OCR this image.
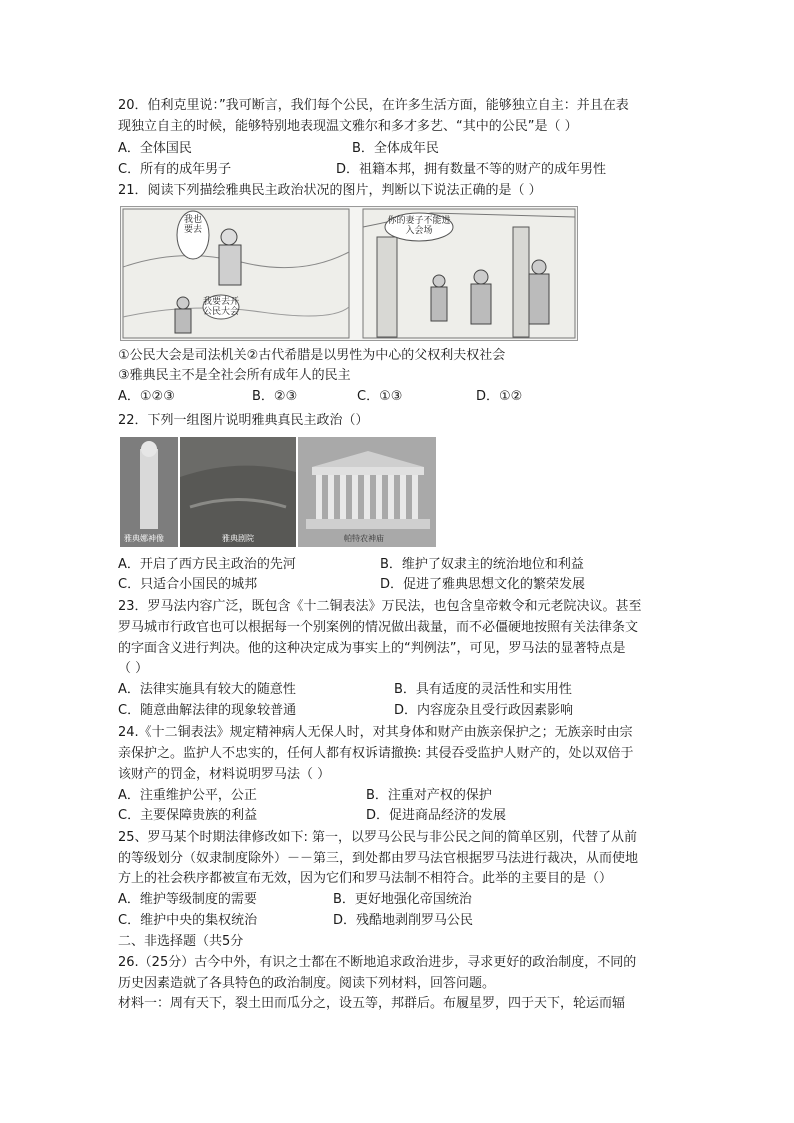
20．伯利克里说：”我可断言，我们每个公民，在许多生活方面，能够独立自主：并且在表
现独立自主的时候，能够特别地表现温文雅尔和多才多艺、“其中的公民”是（ ）
A．全体国民	B．全体成年民
C．所有的成年男子	D．祖籍本邦，拥有数量不等的财产的成年男性
21．阅读下列描绘雅典民主政治状况的图片，判断以下说法正确的是（ ）
我也要去
我要去开公民大会
你的妻子不能进入会场
①公民大会是司法机关②古代希腊是以男性为中心的父权利夫权社会
③雅典民主不是全社会所有成年人的民主
A．①②③	B．②③	C．①③	D．①②
22．下列一组图片说明雅典真民主政治（）
雅典娜神像	雅典剧院	帕特农神庙
A．开启了西方民主政治的先河	B．维护了奴隶主的统治地位和利益
C．只适合小国民的城邦	D．促进了雅典思想文化的繁荣发展
23．罗马法内容广泛，既包含《十二铜表法》万民法，也包含皇帝敕令和元老院决议。甚至
罗马城市行政官也可以根据每一个别案例的情况做出裁量，而不必僵硬地按照有关法律条文
的字面含义进行判决。他的这种决定成为事实上的“判例法”，可见，罗马法的显著特点是
（ ）
A．法律实施具有较大的随意性	B．具有适度的灵活性和实用性
C．随意曲解法律的现象较普通	D．内容庞杂且受行政因素影响
24.《十二铜表法》规定精神病人无保人时，对其身体和财产由族亲保护之；无族亲时由宗
亲保护之。监护人不忠实的，任何人都有权诉请撤换: 其侵吞受监护人财产的，处以双倍于
该财产的罚金，材料说明罗马法（ ）
A．注重维护公平，公正	B．注重对产权的保护
C．主要保障贵族的利益	D．促进商品经济的发展
25、罗马某个时期法律修改如下: 第一，以罗马公民与非公民之间的简单区别，代替了从前
的等级划分（奴隶制度除外）－－第三，到处都由罗马法官根据罗马法进行裁决，从而使地
方上的社会秩序都被宣布无效，因为它们和罗马法制不相符合。此举的主要目的是（）
A．维护等级制度的需要	B．更好地强化帝国统治
C．维护中央的集权统治	D．残酷地剥削罗马公民
二、非选择题（共5分
26.（25分）古今中外，有识之士都在不断地追求政治进步，寻求更好的政治制度，不同的
历史因素造就了各具特色的政治制度。阅读下列材料，回答问题。
材料一：周有天下，裂土田而瓜分之，设五等，邦群后。布履星罗，四于天下，轮运而辐
